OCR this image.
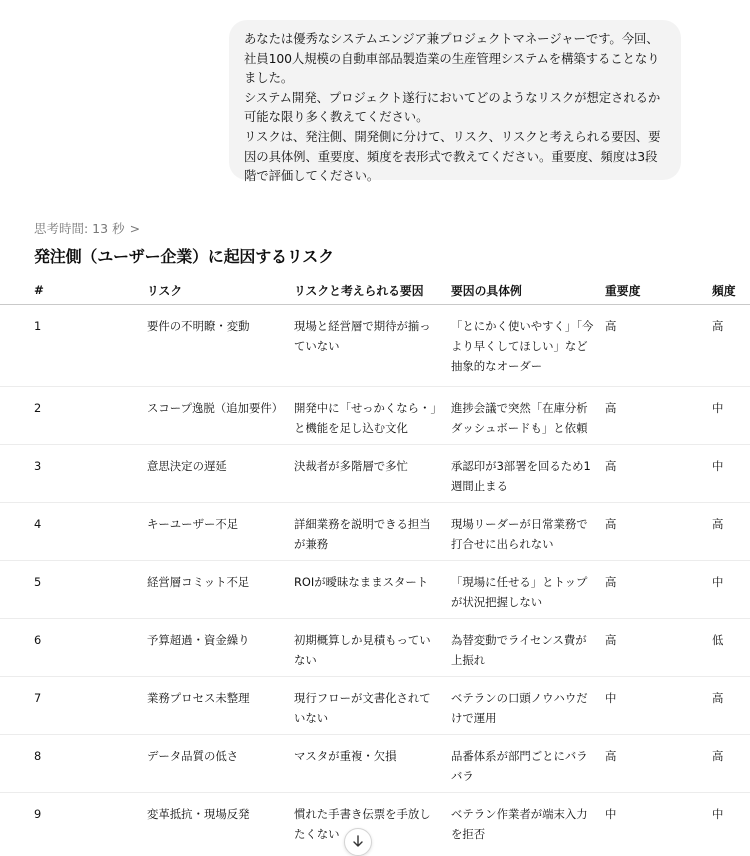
あなたは優秀なシステムエンジア兼プロジェクトマネージャーです。今回、社員100人規模の自動車部品製造業の生産管理システムを構築することなりました。
システム開発、プロジェクト遂行においてどのようなリスクが想定されるか可能な限り多く教えてください。
リスクは、発注側、開発側に分けて、リスク、リスクと考えられる要因、要因の具体例、重要度、頻度を表形式で教えてください。重要度、頻度は3段階で評価してください。
思考時間: 13 秒 >
発注側（ユーザー企業）に起因するリスク
#	リスク	リスクと考えられる要因	要因の具体例	重要度	頻度
1	要件の不明瞭・変動	現場と経営層で期待が揃っていない	「とにかく使いやすく」「今より早くしてほしい」など抽象的なオーダー	高	高
2	スコープ逸脱（追加要件）	開発中に「せっかくなら・」と機能を足し込む文化	進捗会議で突然「在庫分析ダッシュボードも」と依頼	高	中
3	意思決定の遅延	決裁者が多階層で多忙	承認印が3部署を回るため1週間止まる	高	中
4	キーユーザー不足	詳細業務を説明できる担当が兼務	現場リーダーが日常業務で打合せに出られない	高	高
5	経営層コミット不足	ROIが曖昧なままスタート	「現場に任せる」とトップが状況把握しない	高	中
6	予算超過・資金繰り	初期概算しか見積もっていない	為替変動でライセンス費が上振れ	高	低
7	業務プロセス未整理	現行フローが文書化されていない	ベテランの口頭ノウハウだけで運用	中	高
8	データ品質の低さ	マスタが重複・欠損	品番体系が部門ごとにバラバラ	高	高
9	変革抵抗・現場反発	慣れた手書き伝票を手放したくない	ベテラン作業者が端末入力を拒否	中	中
